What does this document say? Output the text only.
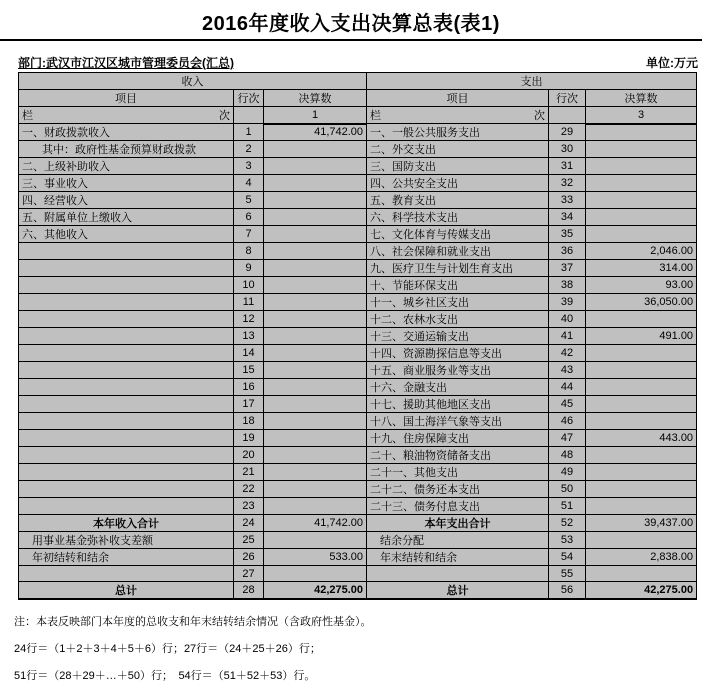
2016年度收入支出决算总表(表1)
部门:武汉市江汉区城市管理委员会(汇总)	单位:万元
收入			支出		
项目	行次	决算数	项目	行次	决算数

栏 次		1	栏 次		3
一、财政拨款收入	1	41,742.00	一、一般公共服务支出	29	
其中：政府性基金预算财政拨款	2		二、外交支出	30	
二、上级补助收入	3		三、国防支出	31	
三、事业收入	4		四、公共安全支出	32	
四、经营收入	5		五、教育支出	33	
五、附属单位上缴收入	6		六、科学技术支出	34	
六、其他收入	7		七、文化体育与传媒支出	35	
	8		八、社会保障和就业支出	36	2,046.00
	9		九、医疗卫生与计划生育支出	37	314.00
	10		十、节能环保支出	38	93.00
	11		十一、城乡社区支出	39	36,050.00
	12		十二、农林水支出	40	
	13		十三、交通运输支出	41	491.00
	14		十四、资源勘探信息等支出	42	
	15		十五、商业服务业等支出	43	
	16		十六、金融支出	44	
	17		十七、援助其他地区支出	45	
	18		十八、国土海洋气象等支出	46	
	19		十九、住房保障支出	47	443.00
	20		二十、粮油物资储备支出	48	
	21		二十一、其他支出	49	
	22		二十二、债务还本支出	50	
	23		二十三、债务付息支出	51	
本年收入合计	24	41,742.00	本年支出合计	52	39,437.00
用事业基金弥补收支差额	25		结余分配	53	
年初结转和结余	26	533.00	年末结转和结余	54	2,838.00
	27			55	
总计	28	42,275.00	总计	56	42,275.00
注：本表反映部门本年度的总收支和年末结转结余情况（含政府性基金）。
24行＝（1＋2＋3＋4＋5＋6）行；27行＝（24＋25＋26）行；
51行＝（28＋29＋…＋50）行；　54行＝（51＋52＋53）行。
